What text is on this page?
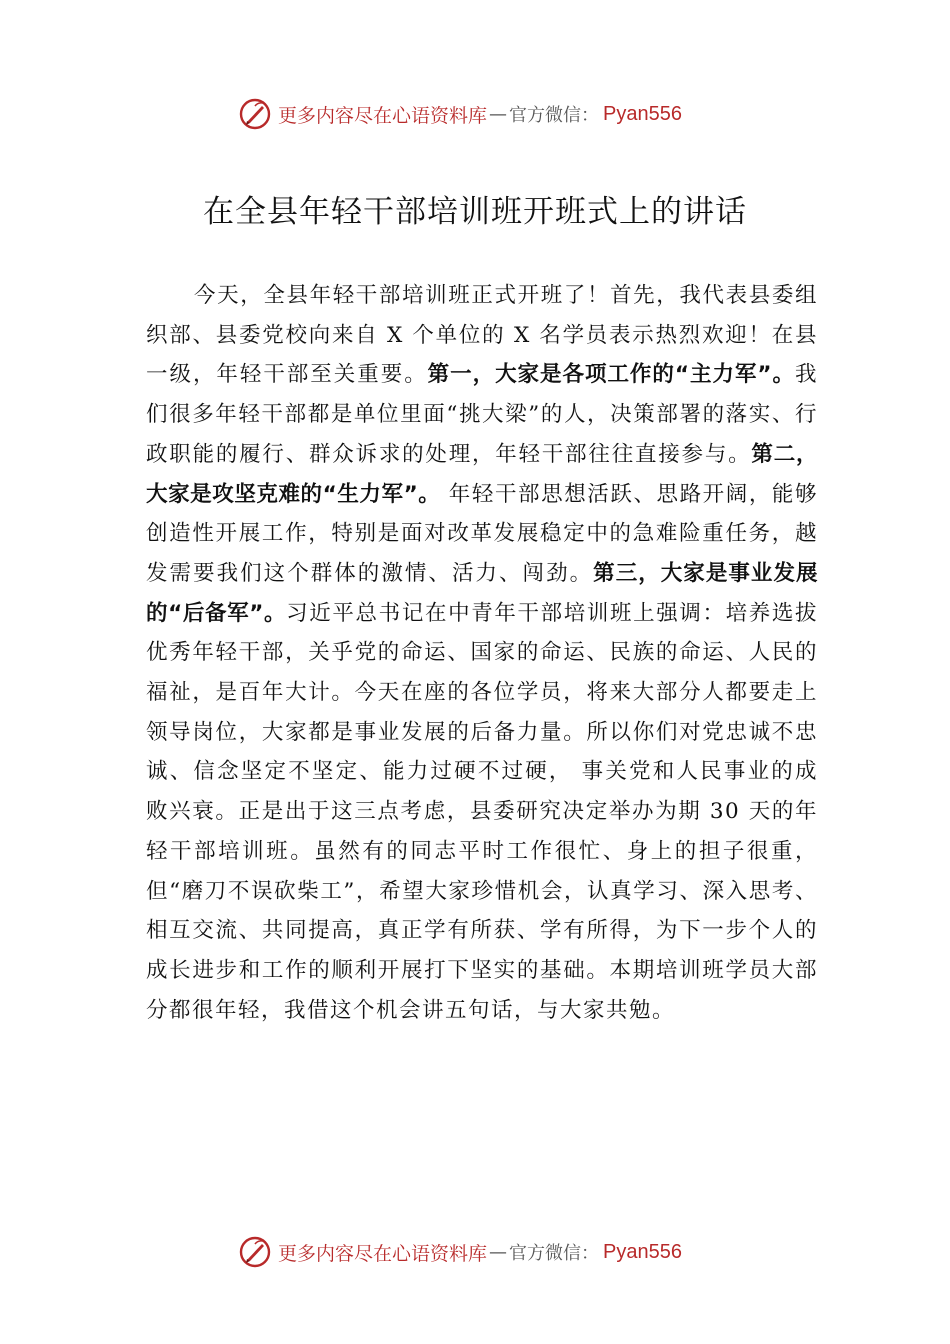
更多内容尽在心语资料库 — 官方微信： Pyan556
在全县年轻干部培训班开班式上的讲话

今天，全县年轻干部培训班正式开班了！首先，我代表县委组织部、县委党校向来自 X 个单位的 X 名学员表示热烈欢迎！在县一级，年轻干部至关重要。第一，大家是各项工作的“主力军”。我们很多年轻干部都是单位里面“挑大梁”的人，决策部署的落实、行政职能的履行、群众诉求的处理，年轻干部往往直接参与。第二，大家是攻坚克难的“生力军”。 年轻干部思想活跃、思路开阔，能够创造性开展工作，特别是面对改革发展稳定中的急难险重任务，越发需要我们这个群体的激情、活力、闯劲。第三，大家是事业发展的“后备军”。习近平总书记在中青年干部培训班上强调：培养选拔优秀年轻干部，关乎党的命运、国家的命运、民族的命运、人民的福祉，是百年大计。今天在座的各位学员，将来大部分人都要走上领导岗位，大家都是事业发展的后备力量。所以你们对党忠诚不忠诚、信念坚定不坚定、能力过硬不过硬， 事关党和人民事业的成败兴衰。正是出于这三点考虑，县委研究决定举办为期 30 天的年轻干部培训班。虽然有的同志平时工作很忙、身上的担子很重，但“磨刀不误砍柴工”，希望大家珍惜机会，认真学习、深入思考、相互交流、共同提高，真正学有所获、学有所得，为下一步个人的成长进步和工作的顺利开展打下坚实的基础。本期培训班学员大部分都很年轻，我借这个机会讲五句话，与大家共勉。

更多内容尽在心语资料库 — 官方微信： Pyan556
